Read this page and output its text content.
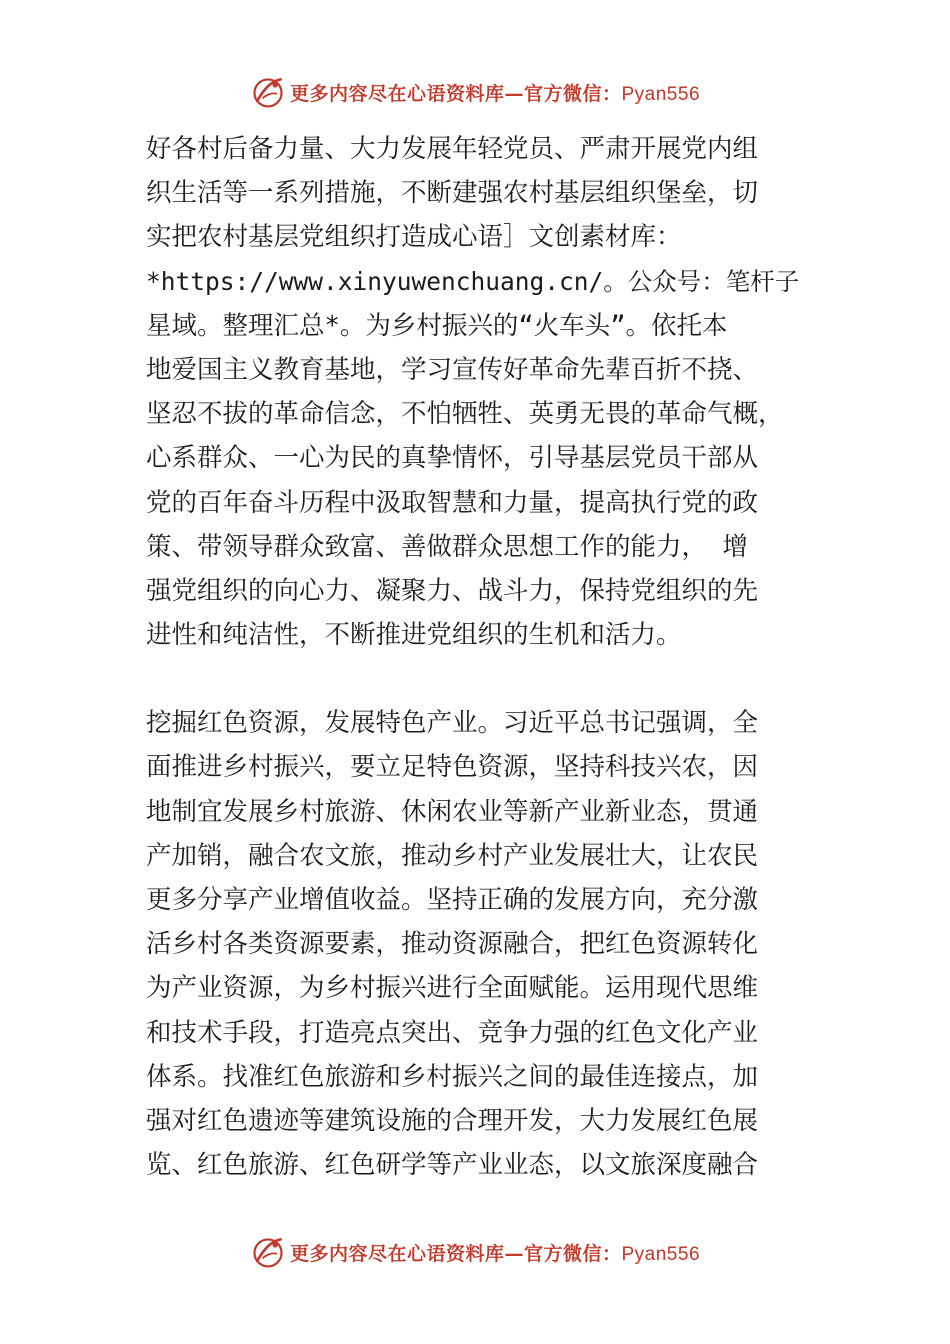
更多内容尽在心语资料库—官方微信：Pyan556
好各村后备力量、大力发展年轻党员、严肃开展党内组
织生活等一系列措施，不断建强农村基层组织堡垒，切
实把农村基层党组织打造成心语］文创素材库：
*https://www.xinyuwenchuang.cn/。公众号：笔杆子
星域。整理汇总*。为乡村振兴的“火车头”。依托本
地爱国主义教育基地，学习宣传好革命先辈百折不挠、
坚忍不拔的革命信念，不怕牺牲、英勇无畏的革命气概，
心系群众、一心为民的真挚情怀，引导基层党员干部从
党的百年奋斗历程中汲取智慧和力量，提高执行党的政
策、带领导群众致富、善做群众思想工作的能力， 增
强党组织的向心力、凝聚力、战斗力，保持党组织的先
进性和纯洁性，不断推进党组织的生机和活力。
挖掘红色资源，发展特色产业。习近平总书记强调，全
面推进乡村振兴，要立足特色资源，坚持科技兴农，因
地制宜发展乡村旅游、休闲农业等新产业新业态，贯通
产加销，融合农文旅，推动乡村产业发展壮大，让农民
更多分享产业增值收益。坚持正确的发展方向，充分激
活乡村各类资源要素，推动资源融合，把红色资源转化
为产业资源，为乡村振兴进行全面赋能。运用现代思维
和技术手段，打造亮点突出、竞争力强的红色文化产业
体系。找准红色旅游和乡村振兴之间的最佳连接点，加
强对红色遗迹等建筑设施的合理开发，大力发展红色展
览、红色旅游、红色研学等产业业态，以文旅深度融合
更多内容尽在心语资料库—官方微信：Pyan556
